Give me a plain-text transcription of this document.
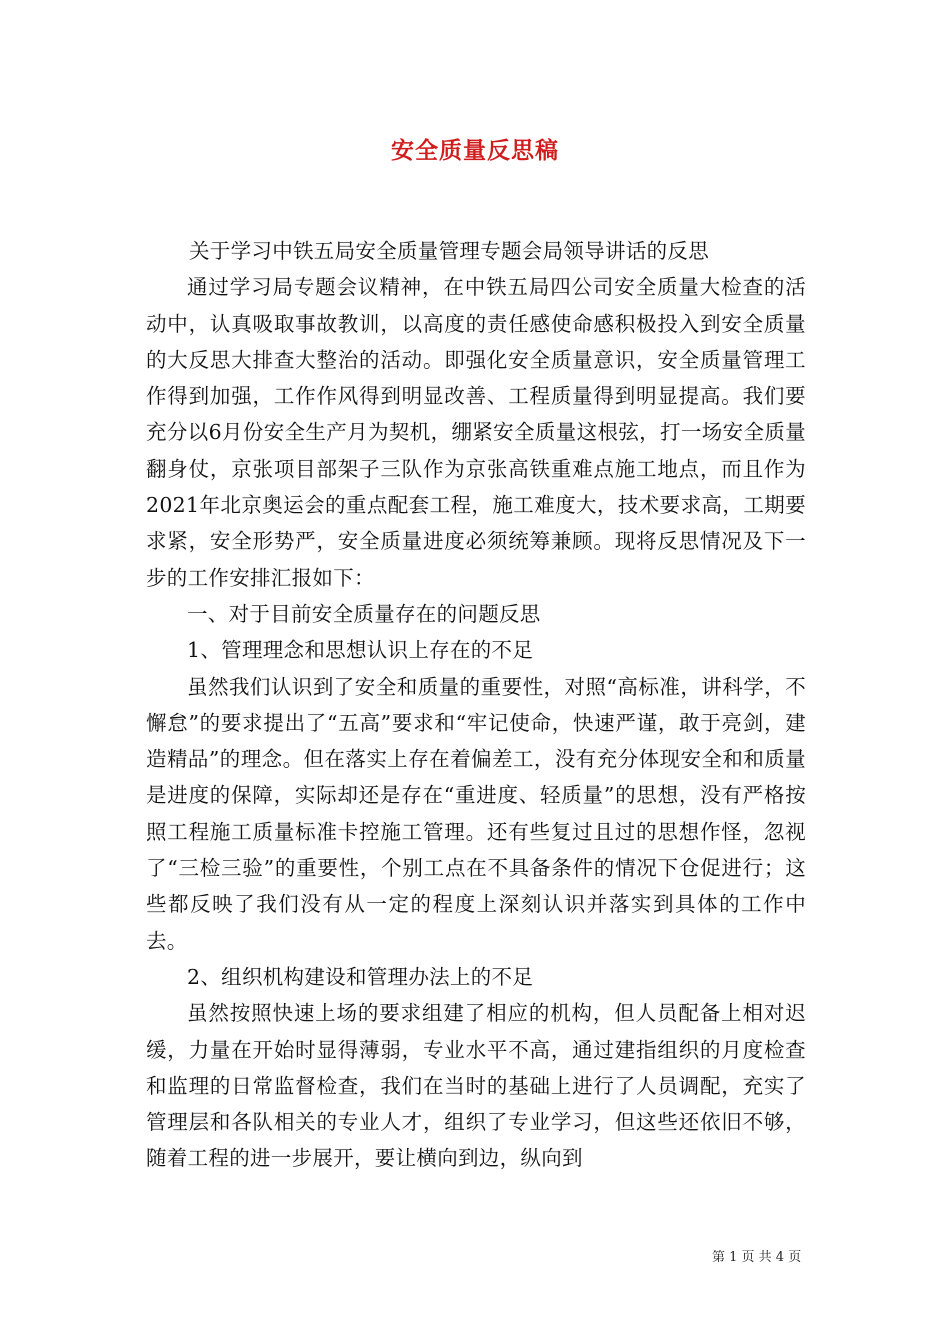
安全质量反思稿

关于学习中铁五局安全质量管理专题会局领导讲话的反思

通过学习局专题会议精神，在中铁五局四公司安全质量大检查的活动中，认真吸取事故教训，以高度的责任感使命感积极投入到安全质量的大反思大排查大整治的活动。即强化安全质量意识，安全质量管理工作得到加强，工作作风得到明显改善、工程质量得到明显提高。我们要充分以6月份安全生产月为契机，绷紧安全质量这根弦，打一场安全质量翻身仗，京张项目部架子三队作为京张高铁重难点施工地点，而且作为2021年北京奥运会的重点配套工程，施工难度大，技术要求高，工期要求紧，安全形势严，安全质量进度必须统筹兼顾。现将反思情况及下一步的工作安排汇报如下：

一、对于目前安全质量存在的问题反思

1、管理理念和思想认识上存在的不足

虽然我们认识到了安全和质量的重要性，对照“高标准，讲科学，不懈怠”的要求提出了“五高”要求和“牢记使命，快速严谨，敢于亮剑，建造精品”的理念。但在落实上存在着偏差工，没有充分体现安全和和质量是进度的保障，实际却还是存在“重进度、轻质量”的思想，没有严格按照工程施工质量标准卡控施工管理。还有些复过且过的思想作怪，忽视了“三检三验”的重要性，个别工点在不具备条件的情况下仓促进行；这些都反映了我们没有从一定的程度上深刻认识并落实到具体的工作中去。

2、组织机构建设和管理办法上的不足

虽然按照快速上场的要求组建了相应的机构，但人员配备上相对迟缓，力量在开始时显得薄弱，专业水平不高，通过建指组织的月度检查和监理的日常监督检查，我们在当时的基础上进行了人员调配，充实了管理层和各队相关的专业人才，组织了专业学习，但这些还依旧不够，随着工程的进一步展开，要让横向到边，纵向到

第 1 页 共 4 页
